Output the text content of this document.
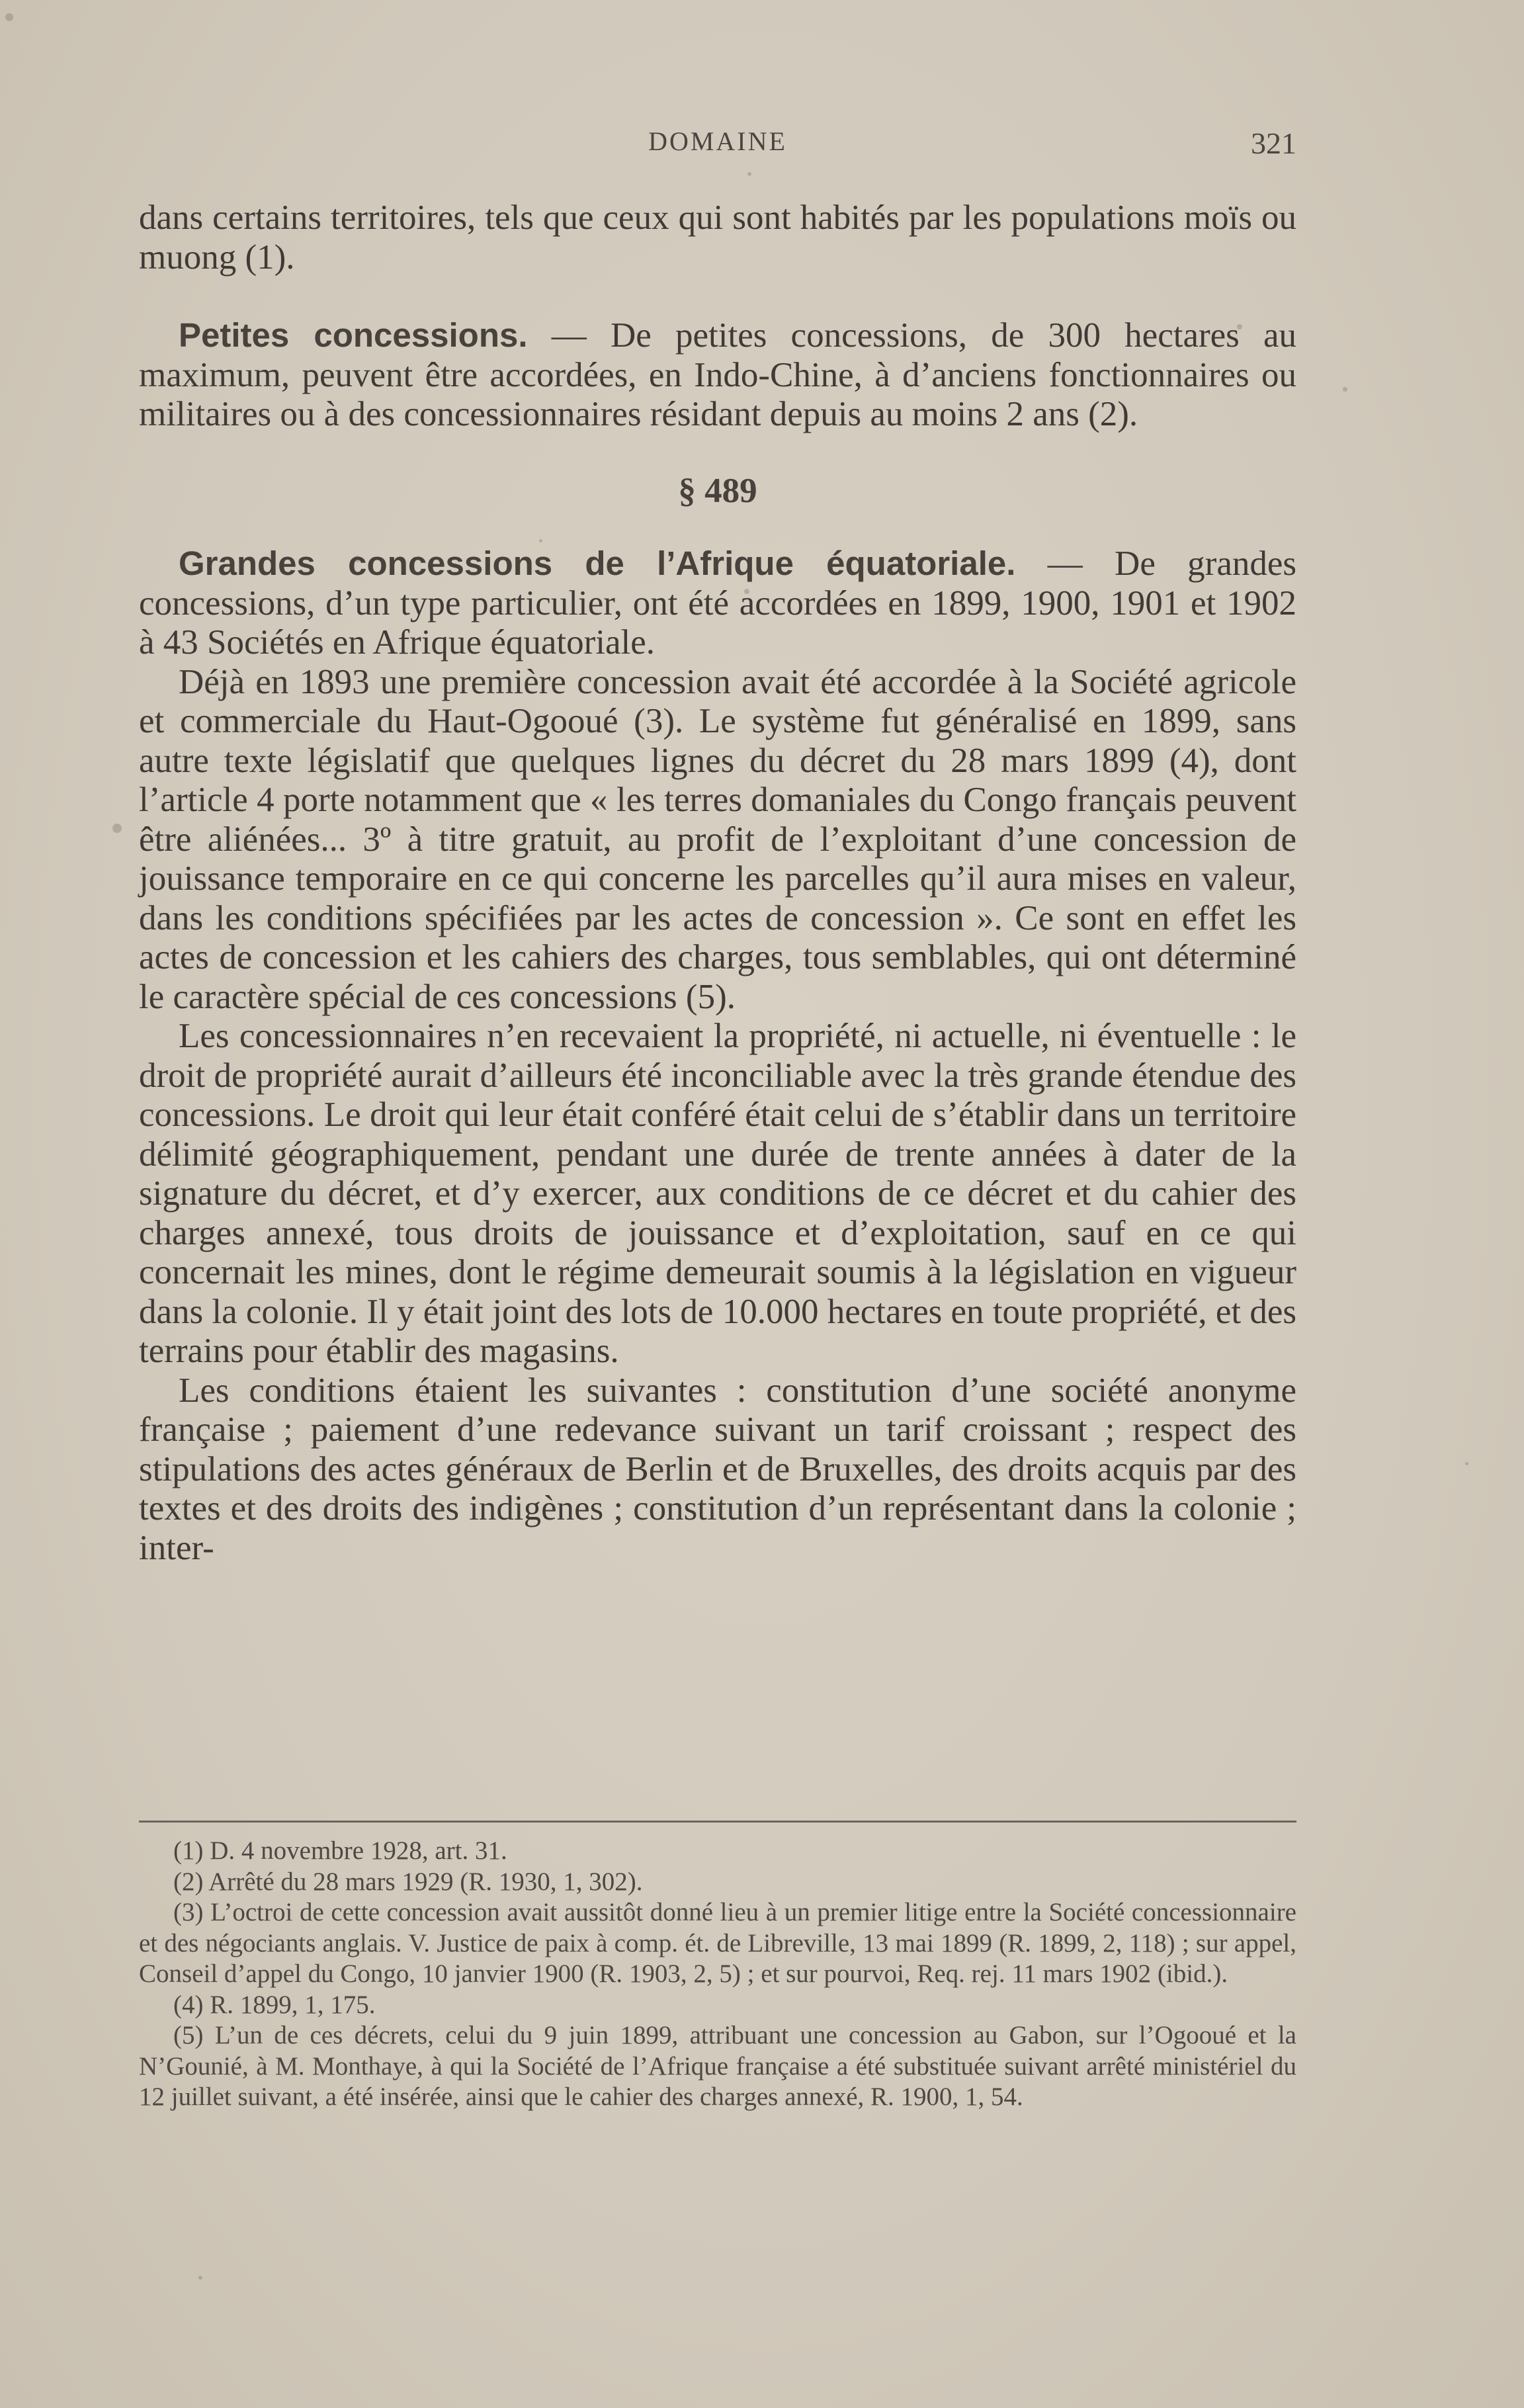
DOMAINE	321

dans certains territoires, tels que ceux qui sont habités par les populations moïs ou muong (1).

Petites concessions. — De petites concessions, de 300 hectares au maximum, peuvent être accordées, en Indo-Chine, à d’anciens fonctionnaires ou militaires ou à des concessionnaires résidant depuis au moins 2 ans (2).

§ 489

Grandes concessions de l’Afrique équatoriale. — De grandes concessions, d’un type particulier, ont été accordées en 1899, 1900, 1901 et 1902 à 43 Sociétés en Afrique équatoriale.

Déjà en 1893 une première concession avait été accordée à la Société agricole et commerciale du Haut-Ogooué (3). Le système fut généralisé en 1899, sans autre texte législatif que quelques lignes du décret du 28 mars 1899 (4), dont l’article 4 porte notamment que « les terres domaniales du Congo français peuvent être aliénées... 3º à titre gratuit, au profit de l’exploitant d’une concession de jouissance temporaire en ce qui concerne les parcelles qu’il aura mises en valeur, dans les conditions spécifiées par les actes de concession ». Ce sont en effet les actes de concession et les cahiers des charges, tous semblables, qui ont déterminé le caractère spécial de ces concessions (5).

Les concessionnaires n’en recevaient la propriété, ni actuelle, ni éventuelle : le droit de propriété aurait d’ailleurs été inconciliable avec la très grande étendue des concessions. Le droit qui leur était conféré était celui de s’établir dans un territoire délimité géographiquement, pendant une durée de trente années à dater de la signature du décret, et d’y exercer, aux conditions de ce décret et du cahier des charges annexé, tous droits de jouissance et d’exploitation, sauf en ce qui concernait les mines, dont le régime demeurait soumis à la législation en vigueur dans la colonie. Il y était joint des lots de 10.000 hectares en toute propriété, et des terrains pour établir des magasins.

Les conditions étaient les suivantes : constitution d’une société anonyme française ; paiement d’une redevance suivant un tarif croissant ; respect des stipulations des actes généraux de Berlin et de Bruxelles, des droits acquis par des textes et des droits des indigènes ; constitution d’un représentant dans la colonie ; inter-

(1) D. 4 novembre 1928, art. 31.

(2) Arrêté du 28 mars 1929 (R. 1930, 1, 302).

(3) L’octroi de cette concession avait aussitôt donné lieu à un premier litige entre la Société concessionnaire et des négociants anglais. V. Justice de paix à comp. ét. de Libreville, 13 mai 1899 (R. 1899, 2, 118) ; sur appel, Conseil d’appel du Congo, 10 janvier 1900 (R. 1903, 2, 5) ; et sur pourvoi, Req. rej. 11 mars 1902 (ibid.).

(4) R. 1899, 1, 175.

(5) L’un de ces décrets, celui du 9 juin 1899, attribuant une concession au Gabon, sur l’Ogooué et la N’Gounié, à M. Monthaye, à qui la Société de l’Afrique française a été substituée suivant arrêté ministériel du 12 juillet suivant, a été insérée, ainsi que le cahier des charges annexé, R. 1900, 1, 54.
